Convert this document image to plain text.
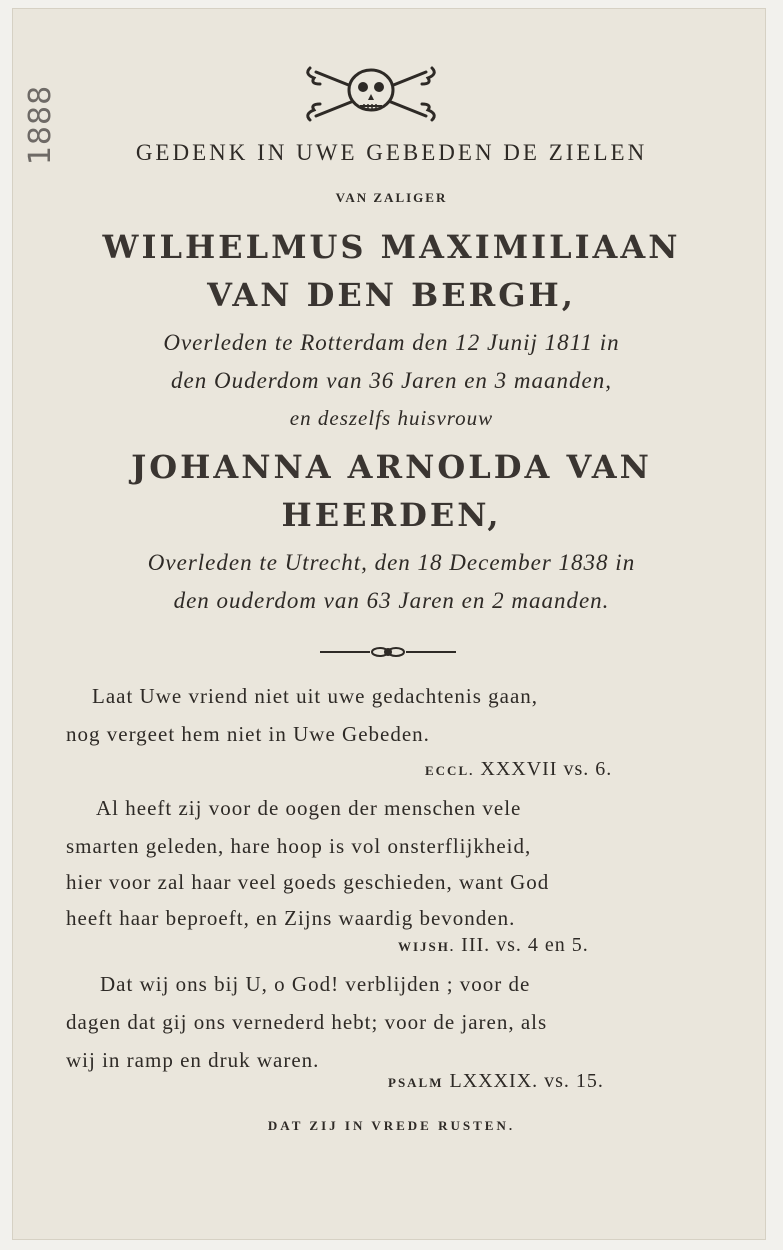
1888	GEDENK IN UWE GEBEDEN DE ZIELEN
VAN ZALIGER
WILHELMUS MAXIMILIAAN
VAN DEN BERGH,
Overleden te Rotterdam den 12 Junij 1811 in
den Ouderdom van 36 Jaren en 3 maanden,
en deszelfs huisvrouw
JOHANNA ARNOLDA VAN
HEERDEN,
Overleden te Utrecht, den 18 December 1838 in
den ouderdom van 63 Jaren en 2 maanden.
Laat Uwe vriend niet uit uwe gedachtenis gaan,
nog vergeet hem niet in Uwe Gebeden.
ECCL. XXXVII vs. 6.
Al heeft zij voor de oogen der menschen vele
smarten geleden, hare hoop is vol onsterflijkheid,
hier voor zal haar veel goeds geschieden, want God
heeft haar beproeft, en Zijns waardig bevonden.
WIJSH. III. vs. 4 en 5.
Dat wij ons bij U, o God! verblijden ; voor de
dagen dat gij ons vernederd hebt; voor de jaren, als
wij in ramp en druk waren.
PSALM LXXXIX. vs. 15.
DAT ZIJ IN VREDE RUSTEN.
